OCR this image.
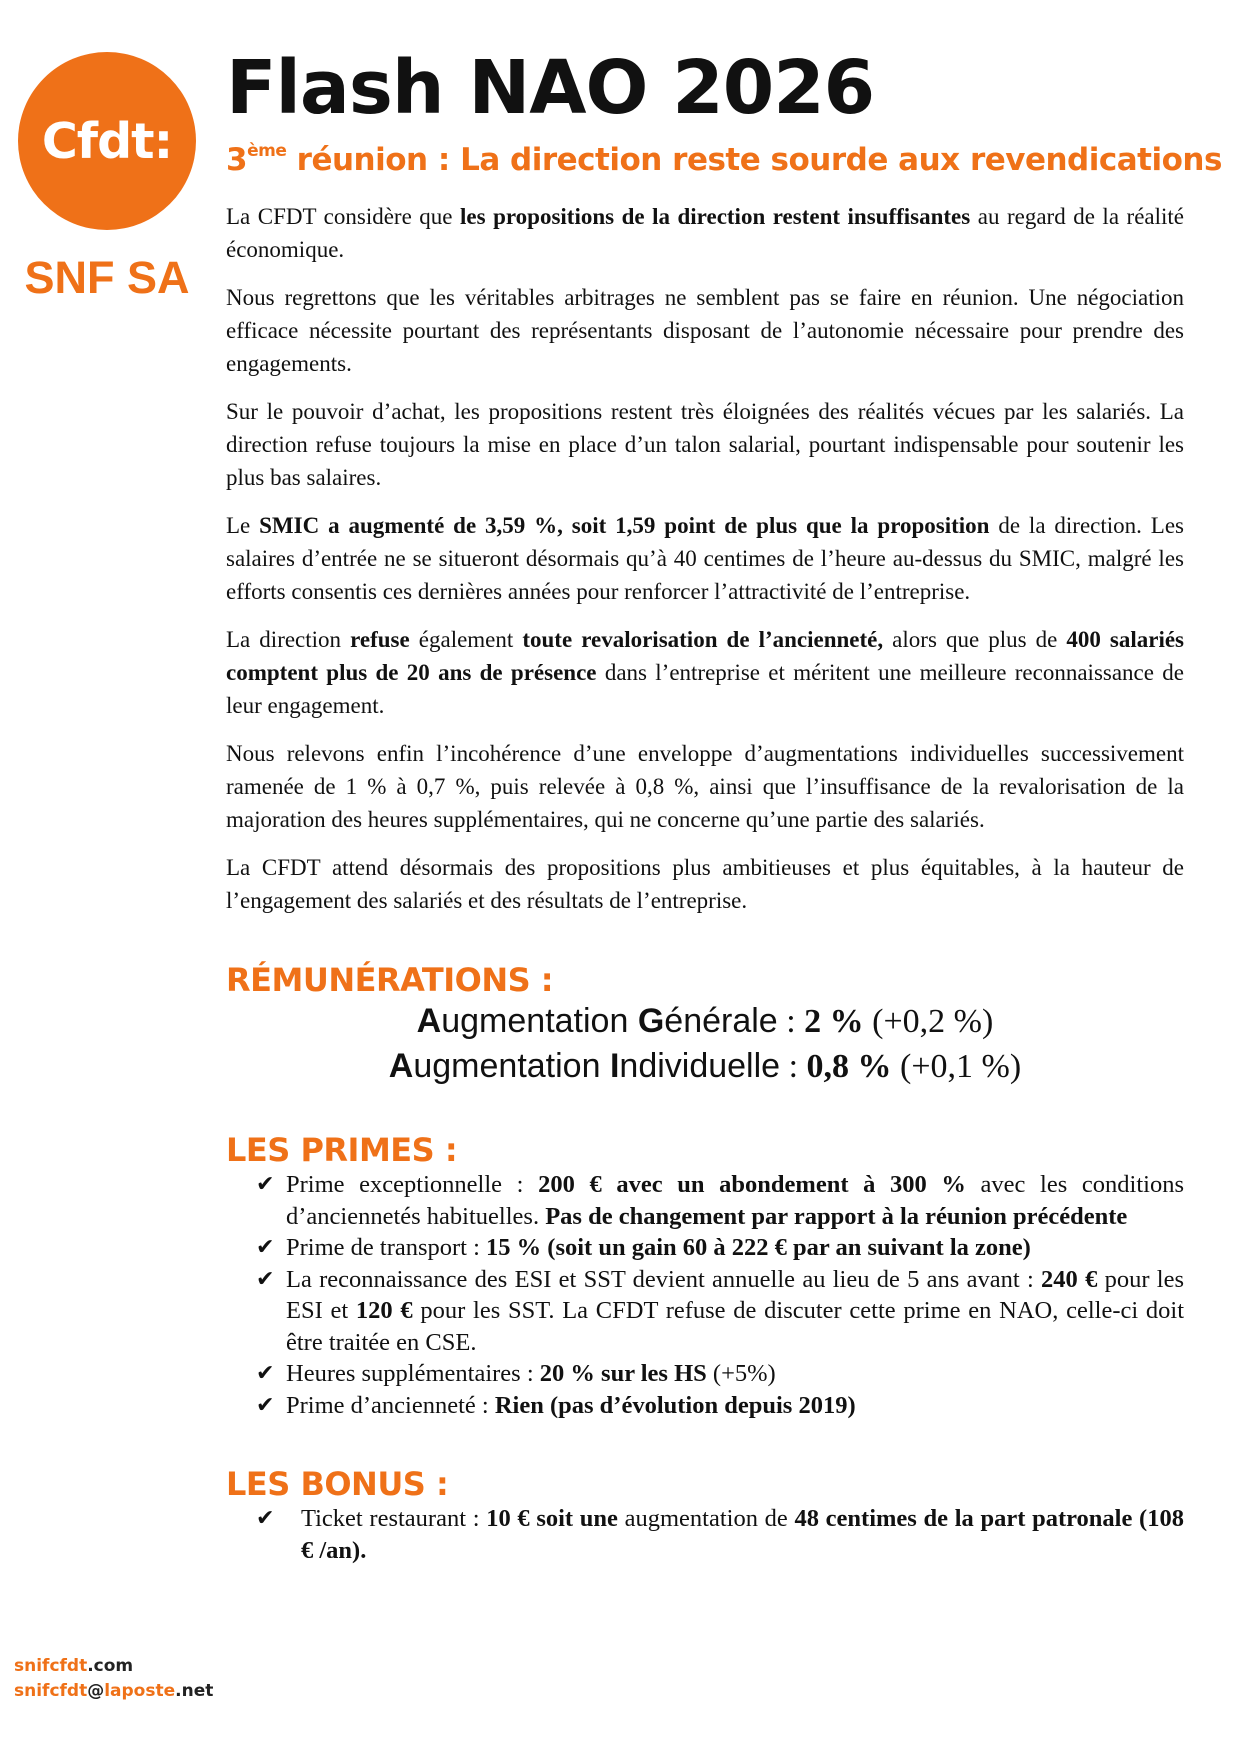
Cfdt:
SNF SA
snifcfdt.com
snifcfdt@laposte.net
Flash NAO 2026
3ème réunion : La direction reste sourde aux revendications

La CFDT considère que les propositions de la direction restent insuffisantes au regard de la réalité économique.

Nous regrettons que les véritables arbitrages ne semblent pas se faire en réunion. Une négociation efficace nécessite pourtant des représentants disposant de l’autonomie nécessaire pour prendre des engagements.

Sur le pouvoir d’achat, les propositions restent très éloignées des réalités vécues par les salariés. La direction refuse toujours la mise en place d’un talon salarial, pourtant indispensable pour soutenir les plus bas salaires.

Le SMIC a augmenté de 3,59 %, soit 1,59 point de plus que la proposition de la direction. Les salaires d’entrée ne se situeront désormais qu’à 40 centimes de l’heure au-dessus du SMIC, malgré les efforts consentis ces dernières années pour renforcer l’attractivité de l’entreprise.

La direction refuse également toute revalorisation de l’ancienneté, alors que plus de 400 salariés comptent plus de 20 ans de présence dans l’entreprise et méritent une meilleure reconnaissance de leur engagement.

Nous relevons enfin l’incohérence d’une enveloppe d’augmentations individuelles successivement ramenée de 1 % à 0,7 %, puis relevée à 0,8 %, ainsi que l’insuffisance de la revalorisation de la majoration des heures supplémentaires, qui ne concerne qu’une partie des salariés.

La CFDT attend désormais des propositions plus ambitieuses et plus équitables, à la hauteur de l’engagement des salariés et des résultats de l’entreprise.

RÉMUNÉRATIONS :
Augmentation Générale : 2 % (+0,2 %)
Augmentation Individuelle : 0,8 % (+0,1 %)
LES PRIMES :
✔ Prime exceptionnelle : 200 € avec un abondement à 300 % avec les conditions d’anciennetés habituelles. Pas de changement par rapport à la réunion précédente
✔ Prime de transport : 15 % (soit un gain 60 à 222 € par an suivant la zone)
✔ La reconnaissance des ESI et SST devient annuelle au lieu de 5 ans avant : 240 € pour les ESI et 120 € pour les SST. La CFDT refuse de discuter cette prime en NAO, celle-ci doit être traitée en CSE.
✔ Heures supplémentaires : 20 % sur les HS (+5%)
✔ Prime d’ancienneté : Rien (pas d’évolution depuis 2019)
LES BONUS :
✔ Ticket restaurant : 10 € soit une augmentation de 48 centimes de la part patronale (108 € /an).
